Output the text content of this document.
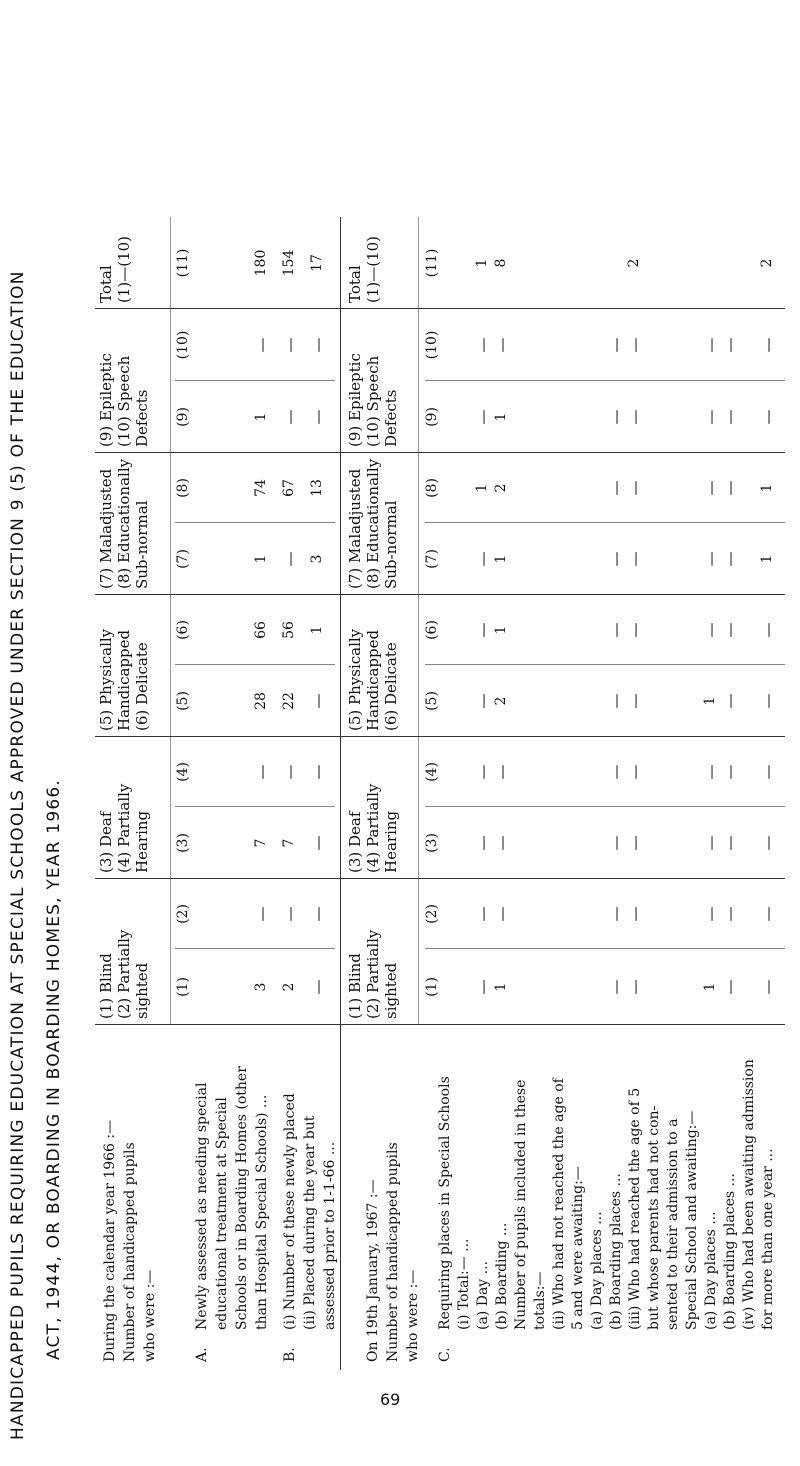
HANDICAPPED PUPILS REQUIRING EDUCATION AT SPECIAL SCHOOLS APPROVED UNDER SECTION 9 (5) OF THE EDUCATION ACT, 1944, OR BOARDING IN BOARDING HOMES, YEAR 1966. (1) Blind (2) Partially sighted
(3) Deaf (4) Partially Hearing
(5) Physically Handicapped (6) Delicate
(7) Maladjusted (8) Educationally Sub-normal
(9) Epileptic (10) Speech Defects
Total (1)—(10)
(1)
(2)
(3)
(4)
(5)
(6)
(7)
(8)
(9)
(10)
(11)
(1) Blind (2) Partially sighted
(3) Deaf (4) Partially Hearing
(5) Physically Handicapped (6) Delicate
(7) Maladjusted (8) Educationally Sub-normal
(9) Epileptic (10) Speech Defects
Total (1)—(10)
(1)
(2)
(3)
(4)
(5)
(6)
(7)
(8)
(9)
(10)
(11)
During the calendar year 1966 :— Number of handicapped pupils who were :—	A.
Newly assessed as needing special educational treatment at Special Schools or in Boarding Homes (other than Hospital Special Schools) ...
B.
(i) Number of these newly placed (ii) Placed during the year but assessed prior to 1-1-66 ...
3
—
7
—
28
66
1
74
1
—
180
2
—
7
—
22
56
—
67
—
—
154
—
—
—
—
—
1
3
13
—
—
17
On 19th January, 1967 :— Number of handicapped pupils who were :— C.
Requiring places in Special Schools (i) Total:— ... (a) Day ... (b) Boarding ... Number of pupils included in these totals:— (ii) Who had not reached the age of 5 and were awaiting:— (a) Day places ... (b) Boarding places ... (iii) Who had reached the age of 5 but whose parents had not con- sented to their admission to a Special School and awaiting:— (a) Day places ... (b) Boarding places ... (iv) Who had been awaiting admission for more than one year ...
—
—
—
—
—
—
—
1
—
—
1
1
—
—
—
2
1
1
2
1
—
8
—
—
—
—
—
—
—
—
—
—
—
—
—
—
—
—
—
—
—
—
2
1
—
—
—
1
—
—
—
—
—
—
—
—
—
—
—
—
—
—
—
—
—
—
—
—
—
1
1
—
—
2
69
